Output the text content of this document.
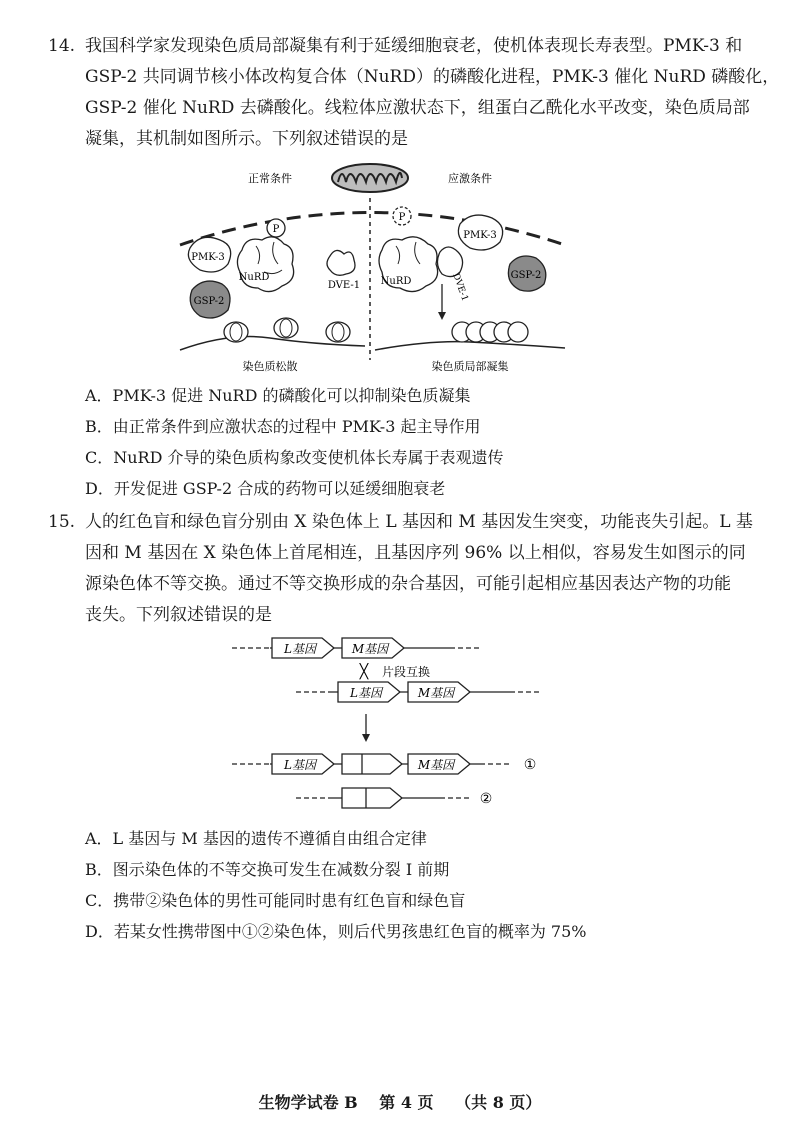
14. 我国科学家发现染色质局部凝集有利于延缓细胞衰老，使机体表现长寿表型。PMK-3 和
GSP-2 共同调节核小体改构复合体（NuRD）的磷酸化进程，PMK-3 催化 NuRD 磷酸化，
GSP-2 催化 NuRD 去磷酸化。线粒体应激状态下，组蛋白乙酰化水平改变，染色质局部
凝集，其机制如图所示。下列叙述错误的是
正常条件	应激条件
PMK-3
GSP-2
NuRD
P
DVE-1
染色质松散
P
NuRD
PMK-3
DVE-1	GSP-2
染色质局部凝集
A．PMK-3 促进 NuRD 的磷酸化可以抑制染色质凝集
B．由正常条件到应激状态的过程中 PMK-3 起主导作用
C．NuRD 介导的染色质构象改变使机体长寿属于表观遗传
D．开发促进 GSP-2 合成的药物可以延缓细胞衰老
15. 人的红色盲和绿色盲分别由 X 染色体上 L 基因和 M 基因发生突变，功能丧失引起。L 基
因和 M 基因在 X 染色体上首尾相连，且基因序列 96% 以上相似，容易发生如图示的同
源染色体不等交换。通过不等交换形成的杂合基因，可能引起相应基因表达产物的功能
丧失。下列叙述错误的是
L基因	M基因
╳ 片段互换
L基因	M基因
L基因	M基因	①
②
A．L 基因与 M 基因的遗传不遵循自由组合定律
B．图示染色体的不等交换可发生在减数分裂 I 前期
C．携带②染色体的男性可能同时患有红色盲和绿色盲
D．若某女性携带图中①②染色体，则后代男孩患红色盲的概率为 75%
生物学试卷 B 第 4 页 （共 8 页）
